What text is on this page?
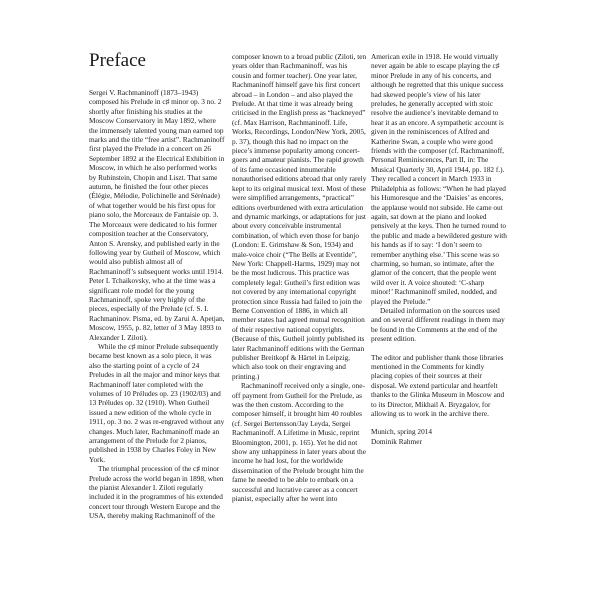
Preface

Sergei V. Rachmaninoff (1873–1943) composed his Prelude in c♯ minor op. 3 no. 2 shortly after finishing his studies at the Moscow Conservatory in May 1892, where the immensely talented young man earned top marks and the title “free artist”. Rachmaninoff first played the Prelude in a concert on 26 September 1892 at the Electrical Exhibition in Moscow, in which he also performed works by Rubinstein, Chopin and Liszt. That same autumn, he finished the four other pieces (Élégie, Mélodie, Polichinelle and Sérénade) of what together would be his first opus for piano solo, the Morceaux de Fantaisie op. 3. The Morceaux were dedicated to his former composition teacher at the Conservatory, Anton S. Arensky, and published early in the following year by Gutheil of Moscow, which would also publish almost all of Rachmaninoff’s subsequent works until 1914. Peter I. Tchaikovsky, who at the time was a significant role model for the young Rachmaninoff, spoke very highly of the pieces, especially of the Prelude (cf. S. I. Rachmaninov. Pisma, ed. by Zarui A. Apetjan, Moscow, 1955, p. 82, letter of 3 May 1893 to Alexander I. Ziloti).

While the c♯ minor Prelude subsequently became best known as a solo piece, it was also the starting point of a cycle of 24 Preludes in all the major and minor keys that Rachmaninoff later completed with the volumes of 10 Préludes op. 23 (1902/03) and 13 Préludes op. 32 (1910). When Gutheil issued a new edition of the whole cycle in 1911, op. 3 no. 2 was re-engraved without any changes. Much later, Rachmaninoff made an arrangement of the Prelude for 2 pianos, published in 1938 by Charles Foley in New York.

The triumphal procession of the c♯ minor Prelude across the world began in 1898, when the pianist Alexander I. Ziloti regularly included it in the programmes of his extended concert tour through Western Europe and the USA, thereby making Rachmaninoff of the

composer known to a broad public (Ziloti, ten years older than Rachmaninoff, was his cousin and former teacher). One year later, Rachmaninoff himself gave his first concert abroad – in London – and also played the Prelude. At that time it was already being criticised in the English press as “hackneyed” (cf. Max Harrison, Rachmaninoff. Life, Works, Recordings, London/New York, 2005, p. 37), though this had no impact on the piece’s immense popularity among concert-goers and amateur pianists. The rapid growth of its fame occasioned innumerable nonauthorised editions abroad that only rarely kept to its original musical text. Most of these were simplified arrangements, “practical” editions overburdened with extra articulation and dynamic markings, or adaptations for just about every conceivable instrumental combination, of which even those for banjo (London: E. Grimshaw & Son, 1934) and male-voice choir (“The Bells at Eventide”, New York: Chappell-Harms, 1929) may not be the most ludicrous. This practice was completely legal: Gutheil’s first edition was not covered by any international copyright protection since Russia had failed to join the Berne Convention of 1886, in which all member states had agreed mutual recognition of their respective national copyrights. (Because of this, Gutheil jointly published its later Rachmaninoff editions with the German publisher Breitkopf & Härtel in Leipzig, which also took on their engraving and printing.)

Rachmaninoff received only a single, one-off payment from Gutheil for the Prelude, as was the then custom. According to the composer himself, it brought him 40 roubles (cf. Sergei Bertensson/Jay Leyda, Sergei Rachmaninoff. A Lifetime in Music, reprint Bloomington, 2001, p. 165). Yet he did not show any unhappiness in later years about the income he had lost, for the worldwide dissemination of the Prelude brought him the fame he needed to be able to embark on a successful and lucrative career as a concert pianist, especially after he went into

American exile in 1918. He would virtually never again be able to escape playing the c♯ minor Prelude in any of his concerts, and although he regretted that this unique success had skewed people’s view of his later preludes, he generally accepted with stoic resolve the audience’s inevitable demand to hear it as an encore. A sympathetic account is given in the reminiscences of Alfred and Katherine Swan, a couple who were good friends with the composer (cf. Rachmaninoff, Personal Reminiscences, Part II, in: The Musical Quarterly 30, April 1944, pp. 182 f.). They recalled a concert in March 1933 in Philadelphia as follows: “When he had played his Humoresque and the ‘Daisies’ as encores, the applause would not subside. He came out again, sat down at the piano and looked pensively at the keys. Then he turned round to the public and made a bewildered gesture with his hands as if to say: ‘I don’t seem to remember anything else.’ This scene was so charming, so human, so intimate, after the glamor of the concert, that the people went wild over it. A voice shouted: ‘C-sharp minor!’ Rachmaninoff smiled, nodded, and played the Prelude.”

Detailed information on the sources used and on several different readings in them may be found in the Comments at the end of the present edition.

The editor and publisher thank those libraries mentioned in the Comments for kindly placing copies of their sources at their disposal. We extend particular and heartfelt thanks to the Glinka Museum in Moscow and to its Director, Mikhail A. Bryzgalov, for allowing us to work in the archive there.

Munich, spring 2014

Dominik Rahmer
